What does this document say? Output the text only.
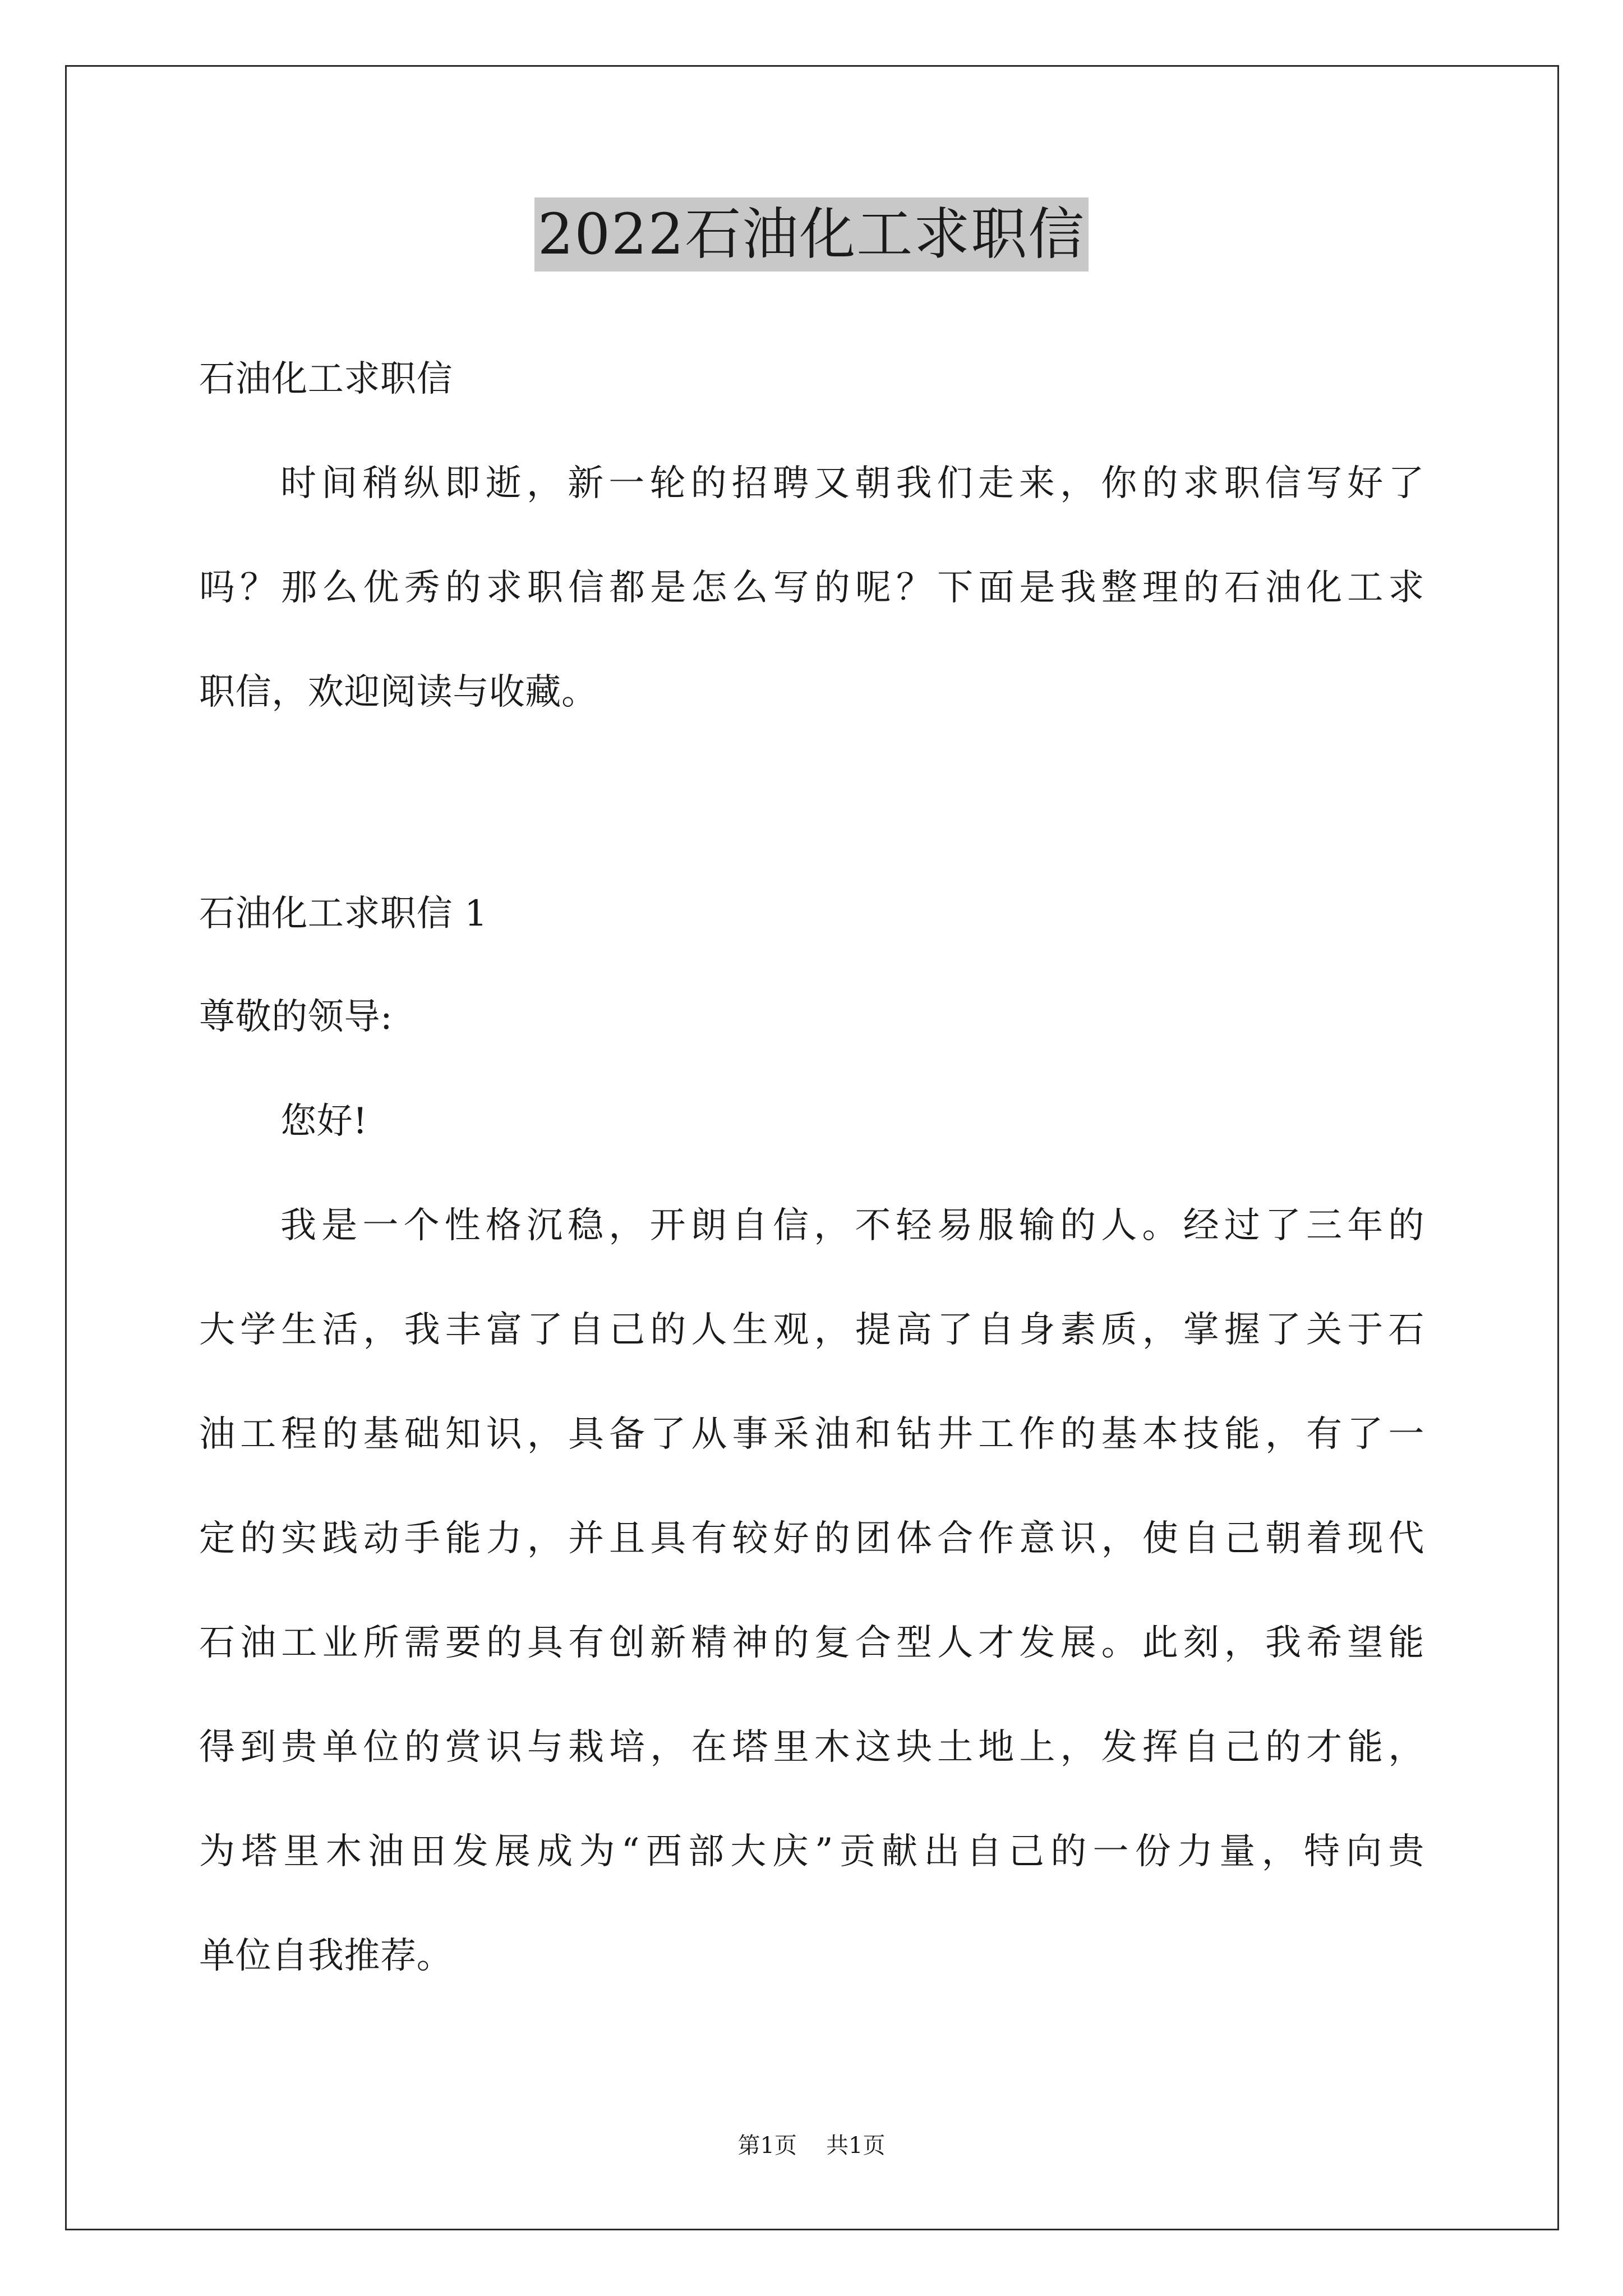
2022石油化工求职信
石油化工求职信
时间稍纵即逝，新一轮的招聘又朝我们走来，你的求职信写好了
吗？那么优秀的求职信都是怎么写的呢？下面是我整理的石油化工求
职信，欢迎阅读与收藏。
石油化工求职信 1
尊敬的领导:
您好!
我是一个性格沉稳，开朗自信，不轻易服输的人。经过了三年的
大学生活，我丰富了自己的人生观，提高了自身素质，掌握了关于石
油工程的基础知识，具备了从事采油和钻井工作的基本技能，有了一
定的实践动手能力，并且具有较好的团体合作意识，使自己朝着现代
石油工业所需要的具有创新精神的复合型人才发展。此刻，我希望能
得到贵单位的赏识与栽培，在塔里木这块土地上，发挥自己的才能，
为塔里木油田发展成为“西部大庆”贡献出自己的一份力量，特向贵
单位自我推荐。
第1页 共1页
